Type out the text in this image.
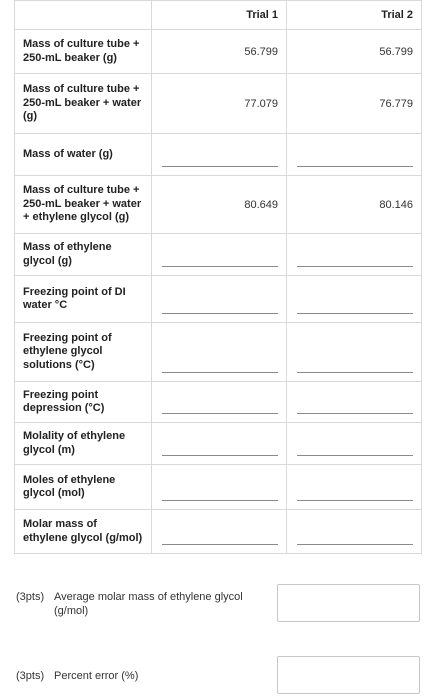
	Trial 1	Trial 2

Mass of culture tube +
250-mL beaker (g)	56.799	56.799

Mass of culture tube +
250-mL beaker + water
(g)	77.079	76.779

Mass of water (g)		

Mass of culture tube +
250-mL beaker + water
+ ethylene glycol (g)	80.649	80.146

Mass of ethylene
glycol (g)		

Freezing point of DI
water °C		

Freezing point of
ethylene glycol
solutions (°C)		

Freezing point
depression (°C)		

Molality of ethylene
glycol (m)		

Moles of ethylene
glycol (mol)		

Molar mass of
ethylene glycol (g/mol)		

(3pts) Average molar mass of ethylene glycol
(g/mol)
(3pts) Percent error (%)
